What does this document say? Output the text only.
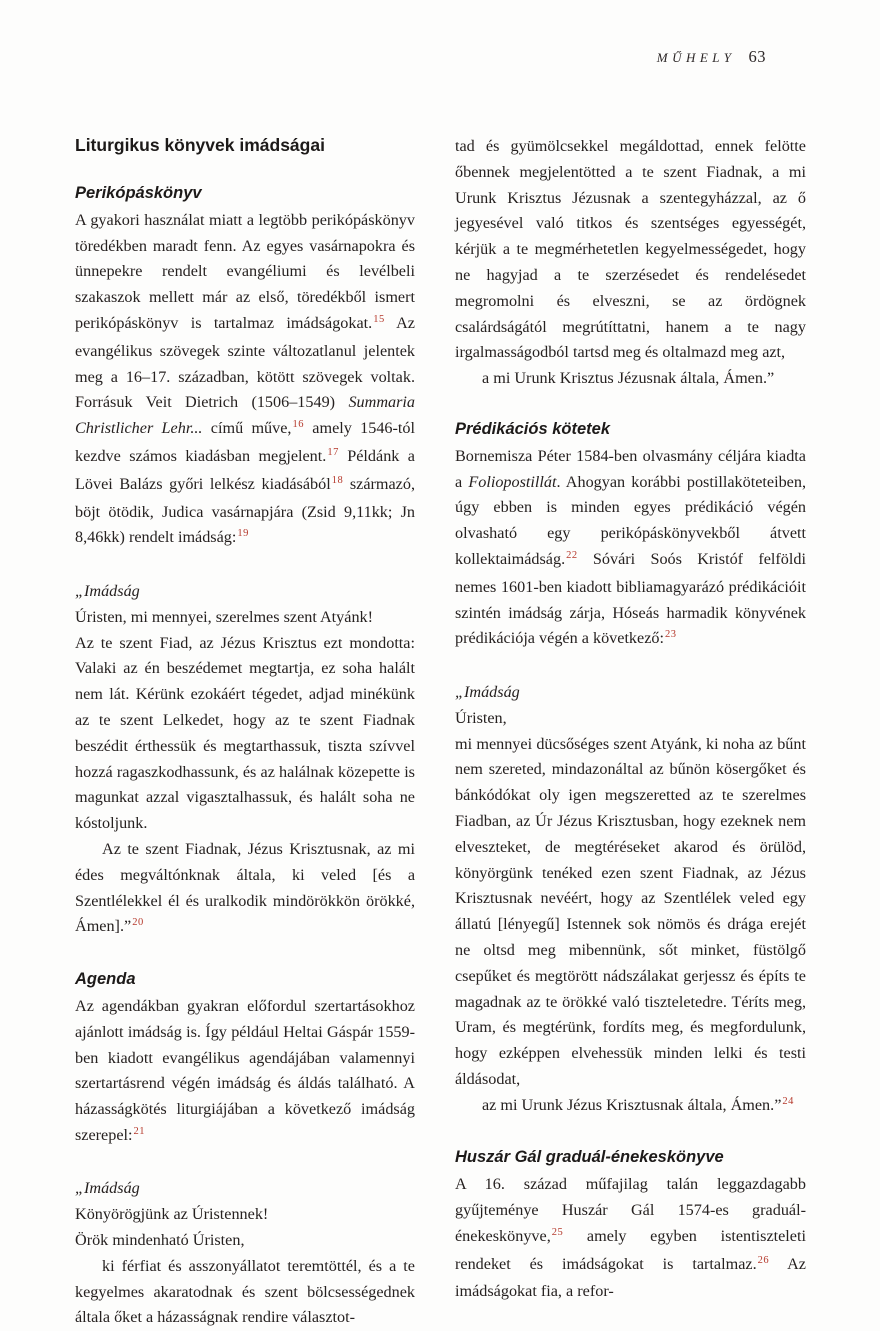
MŰHELY 63
Liturgikus könyvek imádságai
Perikópáskönyv

A gyakori használat miatt a legtöbb perikópáskönyv töredékben maradt fenn. Az egyes vasárnapokra és ünnepekre rendelt evangéliumi és levélbeli szakaszok mellett már az első, töredékből ismert perikópáskönyv is tartalmaz imádságokat.$^{15}$ Az evangélikus szövegek szinte változatlanul jelentek meg a 16–17. században, kötött szövegek voltak. Forrásuk Veit Dietrich (1506–1549) Summaria Christlicher Lehr... című műve,$^{16}$ amely 1546-tól kezdve számos kiadásban megjelent.$^{17}$ Példánk a Lövei Balázs győri lelkész kiadásából$^{18}$ származó, böjt ötödik, Judica vasárnapjára (Zsid 9,11kk; Jn 8,46kk) rendelt imádság:$^{19}$

„Imádság

Úristen, mi mennyei, szerelmes szent Atyánk!

Az te szent Fiad, az Jézus Krisztus ezt mondotta: Valaki az én beszédemet megtartja, ez soha halált nem lát. Kérünk ezokáért tégedet, adjad minékünk az te szent Lelkedet, hogy az te szent Fiadnak beszédit érthessük és megtarthassuk, tiszta szívvel hozzá ragaszkodhassunk, és az halálnak közepette is magunkat azzal vigasztalhassuk, és halált soha ne kóstoljunk.

Az te szent Fiadnak, Jézus Krisztusnak, az mi édes megváltónknak általa, ki veled [és a Szentlélekkel él és uralkodik mindörökkön örökké, Ámen].”$^{20}$

Agenda

Az agendákban gyakran előfordul szertartásokhoz ajánlott imádság is. Így például Heltai Gáspár 1559-ben kiadott evangélikus agendájában valamennyi szertartásrend végén imádság és áldás található. A házasságkötés liturgiájában a következő imádság szerepel:$^{21}$

„Imádság

Könyörögjünk az Úristennek!

Örök mindenható Úristen,

ki férfiat és asszonyállatot teremtöttél, és a te kegyelmes akaratodnak és szent bölcsességednek általa őket a házasságnak rendire választot-

tad és gyümölcsekkel megáldottad, ennek felötte őbennek megjelentötted a te szent Fiadnak, a mi Urunk Krisztus Jézusnak a szentegyházzal, az ő jegyesével való titkos és szentséges egyességét, kérjük a te megmérhetetlen kegyelmességedet, hogy ne hagyjad a te szerzésedet és rendelésedet megromolni és elveszni, se az ördögnek csalárdságától megrútíttatni, hanem a te nagy irgalmasságodból tartsd meg és oltalmazd meg azt,

a mi Urunk Krisztus Jézusnak általa, Ámen.”

Prédikációs kötetek

Bornemisza Péter 1584-ben olvasmány céljára kiadta a Foliopostillát. Ahogyan korábbi postillaköteteiben, úgy ebben is minden egyes prédikáció végén olvasható egy perikópáskönyvekből átvett kollektaimádság.$^{22}$ Sóvári Soós Kristóf felföldi nemes 1601-ben kiadott bibliamagyarázó prédikációit szintén imádság zárja, Hóseás harmadik könyvének prédikációja végén a következő:$^{23}$

„Imádság

Úristen,

mi mennyei dücsőséges szent Atyánk, ki noha az bűnt nem szereted, mindazonáltal az bűnön kösergőket és bánkódókat oly igen megszeretted az te szerelmes Fiadban, az Úr Jézus Krisztusban, hogy ezeknek nem elveszteket, de megtéréseket akarod és örülöd, könyörgünk tenéked ezen szent Fiadnak, az Jézus Krisztusnak nevéért, hogy az Szentlélek veled egy állatú [lényegű] Istennek sok nömös és drága erejét ne oltsd meg mibennünk, sőt minket, füstölgő csepűket és megtörött nádszálakat gerjessz és építs te magadnak az te örökké való tiszteletedre. Téríts meg, Uram, és megtérünk, fordíts meg, és megfordulunk, hogy ezképpen elvehessük minden lelki és testi áldásodat,

az mi Urunk Jézus Krisztusnak általa, Ámen.”$^{24}$

Huszár Gál graduál-énekeskönyve

A 16. század műfajilag talán leggazdagabb gyűjteménye Huszár Gál 1574-es graduál-énekeskönyve,$^{25}$ amely egyben istentiszteleti rendeket és imádságokat is tartalmaz.$^{26}$ Az imádságokat fia, a refor-
